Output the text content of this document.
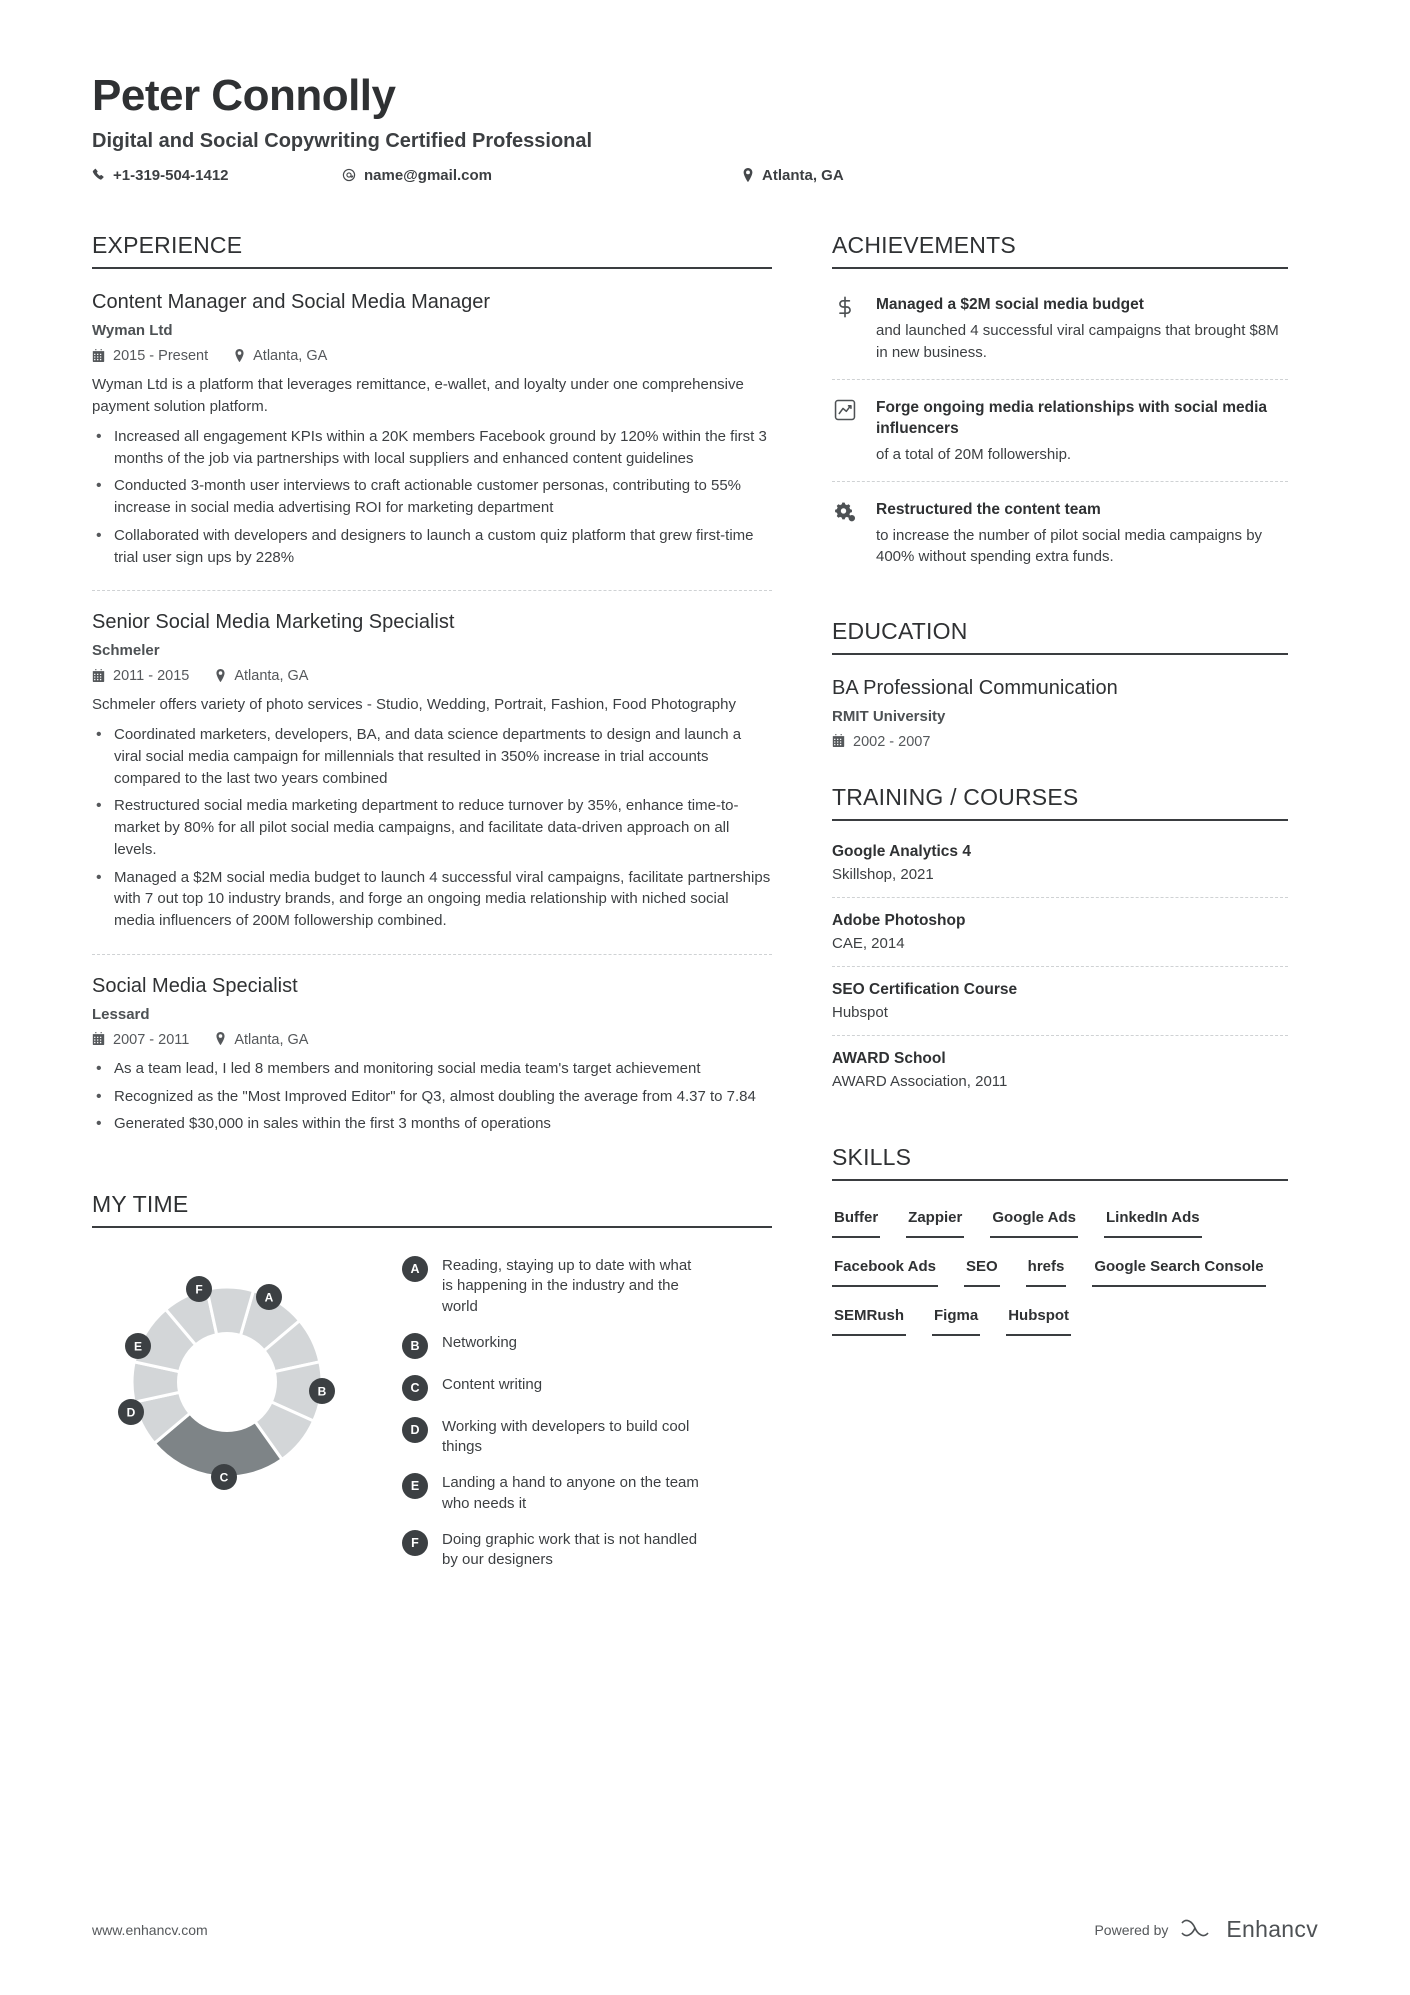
Peter Connolly
Digital and Social Copywriting Certified Professional
+1-319-504-1412	name@gmail.com	Atlanta, GA
EXPERIENCE
Content Manager and Social Media Manager
Wyman Ltd
2015 - Present	Atlanta, GA
Wyman Ltd is a platform that leverages remittance, e-wallet, and loyalty under one comprehensive payment solution platform.
• Increased all engagement KPIs within a 20K members Facebook ground by 120% within the first 3 months of the job via partnerships with local suppliers and enhanced content guidelines
• Conducted 3-month user interviews to craft actionable customer personas, contributing to 55% increase in social media advertising ROI for marketing department
• Collaborated with developers and designers to launch a custom quiz platform that grew first-time trial user sign ups by 228%
Senior Social Media Marketing Specialist
Schmeler
2011 - 2015	Atlanta, GA
Schmeler offers variety of photo services - Studio, Wedding, Portrait, Fashion, Food Photography
• Coordinated marketers, developers, BA, and data science departments to design and launch a viral social media campaign for millennials that resulted in 350% increase in trial accounts compared to the last two years combined
• Restructured social media marketing department to reduce turnover by 35%, enhance time-to-market by 80% for all pilot social media campaigns, and facilitate data-driven approach on all levels.
• Managed a $2M social media budget to launch 4 successful viral campaigns, facilitate partnerships with 7 out top 10 industry brands, and forge an ongoing media relationship with niched social media influencers of 200M followership combined.
Social Media Specialist
Lessard
2007 - 2011	Atlanta, GA
• As a team lead, I led 8 members and monitoring social media team's target achievement
• Recognized as the "Most Improved Editor" for Q3, almost doubling the average from 4.37 to 7.84
• Generated $30,000 in sales within the first 3 months of operations
MY TIME
A
B
C
D
E
F
A	Reading, staying up to date with what is happening in the industry and the world
B	Networking
C	Content writing
D	Working with developers to build cool things
E	Landing a hand to anyone on the team who needs it
F	Doing graphic work that is not handled by our designers
ACHIEVEMENTS
Managed a $2M social media budget
and launched 4 successful viral campaigns that brought $8M in new business.
Forge ongoing media relationships with social media influencers
of a total of 20M followership.
Restructured the content team
to increase the number of pilot social media campaigns by 400% without spending extra funds.
EDUCATION
BA Professional Communication
RMIT University
2002 - 2007
TRAINING / COURSES
Google Analytics 4
Skillshop, 2021
Adobe Photoshop
CAE, 2014
SEO Certification Course
Hubspot
AWARD School
AWARD Association, 2011
SKILLS
Buffer Zappier Google Ads LinkedIn Ads
Facebook Ads SEO hrefs Google Search Console
SEMRush Figma Hubspot
www.enhancv.com	Powered by	Enhancv
